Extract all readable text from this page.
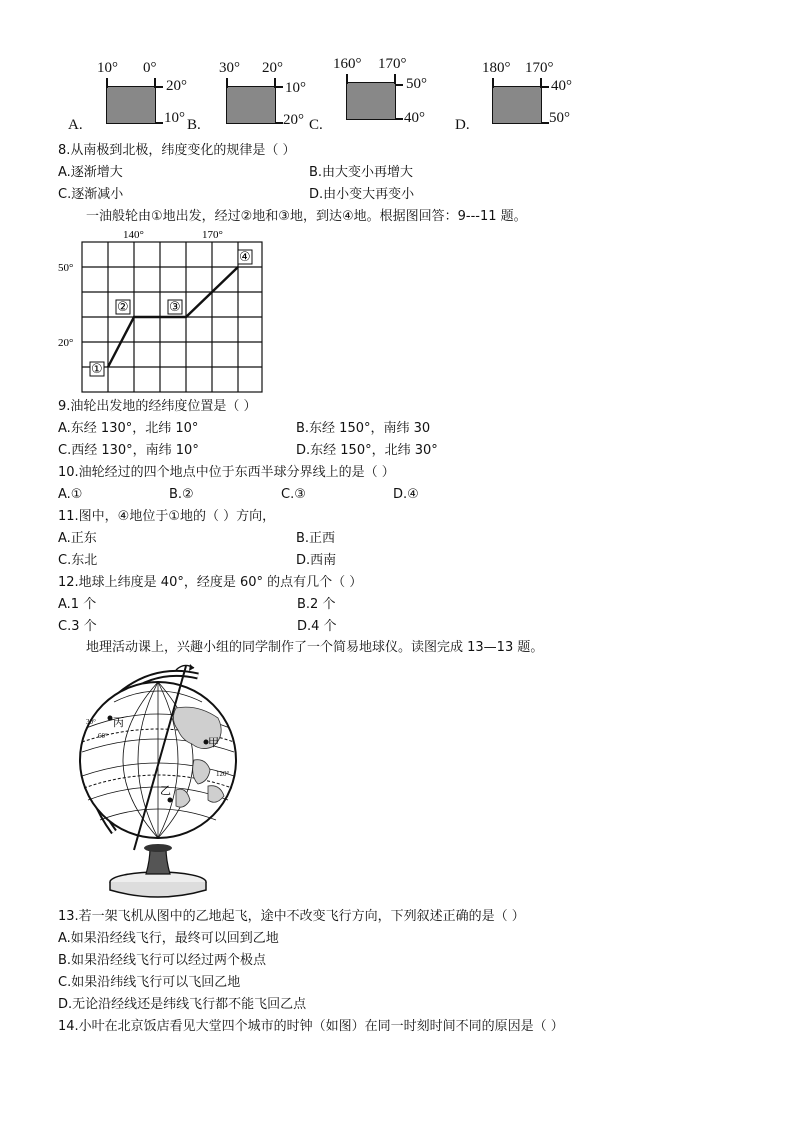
10° 0°
20°
10°
A.
30° 20°
10°
20°
B.
160° 170°
50°
40°
C.
180° 170°
40°
50°
D.
8.从南极到北极，纬度变化的规律是（ ）
A.逐渐增大	B.由大变小再增大
C.逐渐减小	D.由小变大再变小
一油般轮由①地出发，经过②地和③地，到达④地。根据图回答：9---11 题。
140°	170°
50°
20°
①
②	③
④
9.油轮出发地的经纬度位置是（ ）
A.东经 130°，北纬 10°	B.东经 150°，南纬 30
C.西经 130°，南纬 10°	D.东经 150°，北纬 30°
10.油轮经过的四个地点中位于东西半球分界线上的是（ ）
A.①	B.②	C.③	D.④
11.图中，④地位于①地的（ ）方向，
A.正东	B.正西
C.东北	D.西南
12.地球上纬度是 40°，经度是 60° 的点有几个（ ）
A.1 个	B.2 个
C.3 个	D.4 个
地理活动课上，兴趣小组的同学制作了一个简易地球仪。读图完成 13—13 题。
丙
甲
乙
30°
60°
120°
13.若一架飞机从图中的乙地起飞，途中不改变飞行方向，下列叙述正确的是（ ）
A.如果沿经线飞行，最终可以回到乙地
B.如果沿经线飞行可以经过两个极点
C.如果沿纬线飞行可以飞回乙地
D.无论沿经线还是纬线飞行都不能飞回乙点
14.小叶在北京饭店看见大堂四个城市的时钟（如图）在同一时刻时间不同的原因是（ ）
